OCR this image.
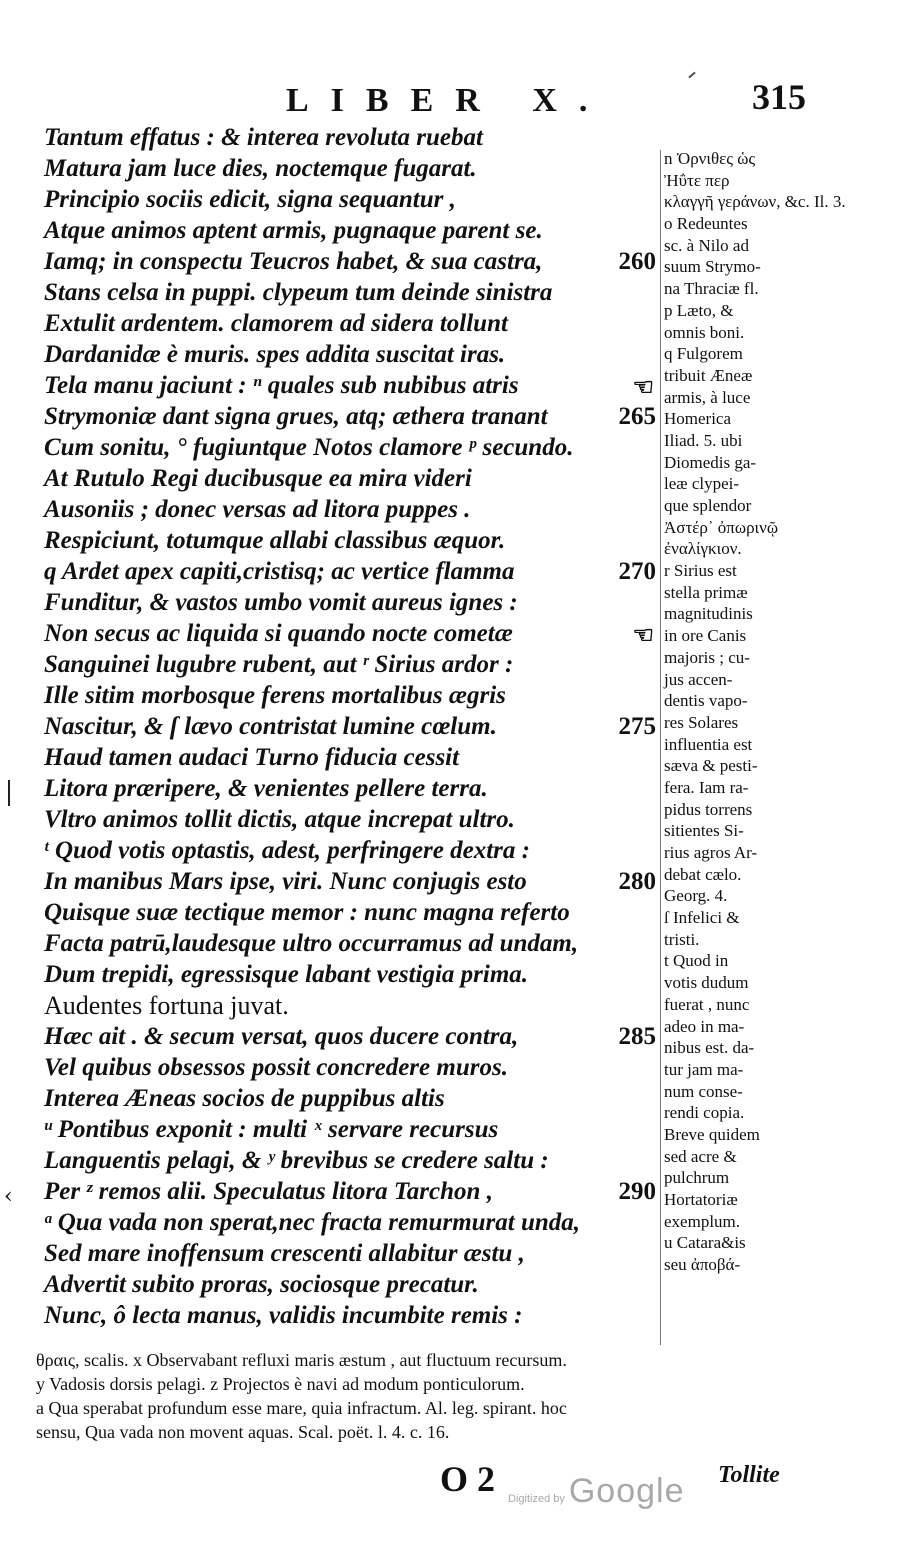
LIBER X.	315
Tantum effatus : & interea revoluta ruebat
Matura jam luce dies, noctemque fugarat.
Principio sociis edicit, signa sequantur ,
Atque animos aptent armis, pugnaque parent se.
Iamq; in conspectu Teucros habet, & sua castra,	260
Stans celsa in puppi. clypeum tum deinde sinistra
Extulit ardentem. clamorem ad sidera tollunt
Dardanidæ è muris. spes addita suscitat iras.
Tela manu jaciunt : ⁿ quales sub nubibus atris	☜
Strymoniæ dant signa grues, atq; æthera tranant	265
Cum sonitu, ° fugiuntque Notos clamore ᵖ secundo.
At Rutulo Regi ducibusque ea mira videri
Ausoniis ; donec versas ad litora puppes .
Respiciunt, totumque allabi classibus æquor.
q Ardet apex capiti,cristisq; ac vertice flamma	270
Funditur, & vastos umbo vomit aureus ignes :
Non secus ac liquida si quando nocte cometæ	☜
Sanguinei lugubre rubent, aut ʳ Sirius ardor :
Ille sitim morbosque ferens mortalibus ægris
Nascitur, & ſ lævo contristat lumine cœlum.	275
Haud tamen audaci Turno fiducia cessit
Litora præripere, & venientes pellere terra.
Vltro animos tollit dictis, atque increpat ultro.
ᵗ Quod votis optastis, adest, perfringere dextra :
In manibus Mars ipse, viri. Nunc conjugis esto	280
Quisque suæ tectique memor : nunc magna referto
Facta patrū,laudesque ultro occurramus ad undam,
Dum trepidi, egressisque labant vestigia prima.
Audentes fortuna juvat.
Hæc ait . & secum versat, quos ducere contra,	285
Vel quibus obsessos possit concredere muros.
Interea Æneas socios de puppibus altis
ᵘ Pontibus exponit : multi ˣ servare recursus
Languentis pelagi, & ʸ brevibus se credere saltu :
Per ᶻ remos alii. Speculatus litora Tarchon ,	290
ᵃ Qua vada non sperat,nec fracta remurmurat unda,
Sed mare inoffensum crescenti allabitur æstu ,
Advertit subito proras, sociosque precatur.
Nunc, ô lecta manus, validis incumbite remis :
n Ὀρνιθες ὡς
Ἠΰτε περ
κλαγγῆ γεράνων, &c. Il. 3.
o Redeuntes
sc. à Nilo ad
suum Strymo-
na Thraciæ fl.
p Læto, &
omnis boni.
q Fulgorem
tribuit Æneæ
armis, à luce
Homerica
Iliad. 5. ubi
Diomedis ga-
leæ clypei-
que splendor
Ἀστέρ᾽ ὀπωρινῷ
ἐναλίγκιον.
r Sirius est
stella primæ
magnitudinis
in ore Canis
majoris ; cu-
jus accen-
dentis vapo-
res Solares
influentia est
sæva & pesti-
fera. Iam ra-
pidus torrens
sitientes Si-
rius agros Ar-
debat cælo.
Georg. 4.
ſ Infelici &
tristi.
t Quod in
votis dudum
fuerat , nunc
adeo in ma-
nibus est. da-
tur jam ma-
num conse-
rendi copia.
Breve quidem
sed acre &
pulchrum
Hortatoriæ
exemplum.
u Catara&is
seu ἀποβά-
θραις, scalis. x Observabant refluxi maris æstum , aut fluctuum recursum.
y Vadosis dorsis pelagi. z Projectos è navi ad modum ponticulorum.
a Qua sperabat profundum esse mare, quia infractum. Al. leg. spirant. hoc
sensu, Qua vada non movent aquas. Scal. poët. l. 4. c. 16.
O 2 Digitized by Google Tollite
‹
